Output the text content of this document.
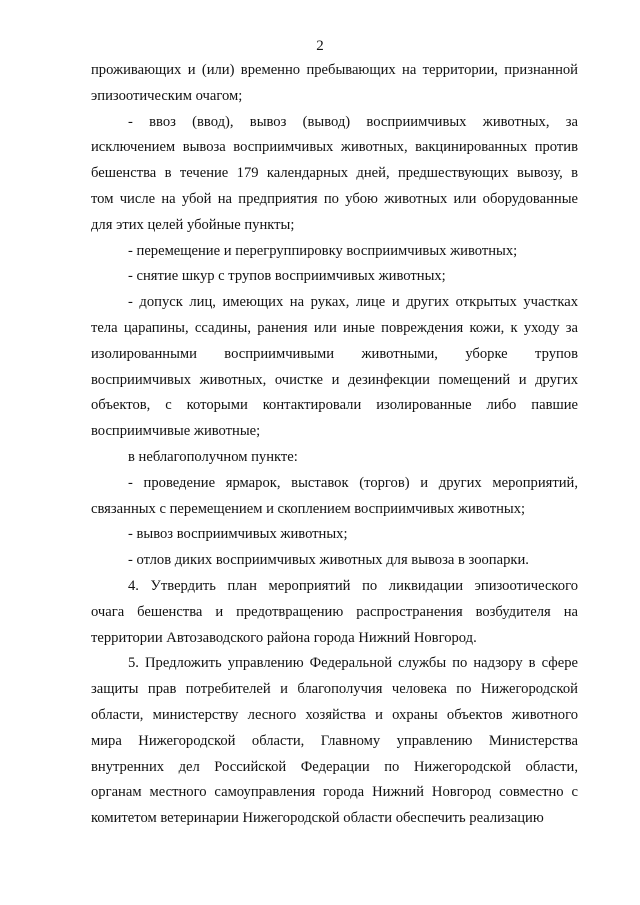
2
проживающих и (или) временно пребывающих на территории, признанной
эпизоотическим очагом;
- ввоз (ввод), вывоз (вывод) восприимчивых животных, за
исключением вывоза восприимчивых животных, вакцинированных против
бешенства в течение 179 календарных дней, предшествующих вывозу, в
том числе на убой на предприятия по убою животных или оборудованные
для этих целей убойные пункты;
- перемещение и перегруппировку восприимчивых животных;
- снятие шкур с трупов восприимчивых животных;
- допуск лиц, имеющих на руках, лице и других открытых участках
тела царапины, ссадины, ранения или иные повреждения кожи, к уходу за
изолированными восприимчивыми животными, уборке трупов
восприимчивых животных, очистке и дезинфекции помещений и других
объектов, с которыми контактировали изолированные либо павшие
восприимчивые животные;
в неблагополучном пункте:
- проведение ярмарок, выставок (торгов) и других мероприятий,
связанных с перемещением и скоплением восприимчивых животных;
- вывоз восприимчивых животных;
- отлов диких восприимчивых животных для вывоза в зоопарки.
4. Утвердить план мероприятий по ликвидации эпизоотического
очага бешенства и предотвращению распространения возбудителя на
территории Автозаводского района города Нижний Новгород.
5. Предложить управлению Федеральной службы по надзору в сфере
защиты прав потребителей и благополучия человека по Нижегородской
области, министерству лесного хозяйства и охраны объектов животного
мира Нижегородской области, Главному управлению Министерства
внутренних дел Российской Федерации по Нижегородской области,
органам местного самоуправления города Нижний Новгород совместно с
комитетом ветеринарии Нижегородской области обеспечить реализацию
